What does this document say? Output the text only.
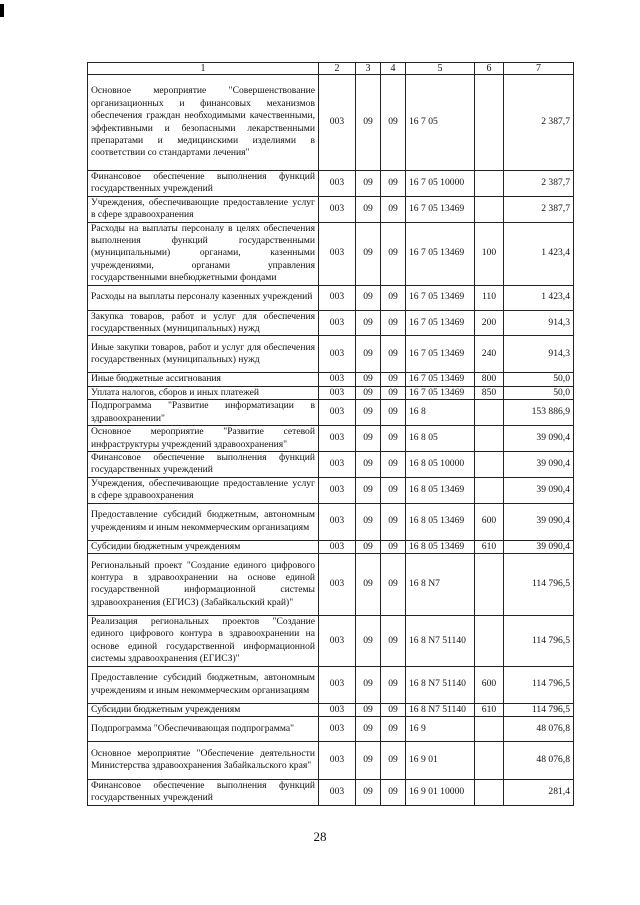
1	2	3	4	5	6	7
Основное мероприятие "Совершенствование организационных и финансовых механизмов обеспечения граждан необходимыми качественными, эффективными и безопасными лекарственными препаратами и медицинскими изделиями в соответствии со стандартами лечения"	003	09	09	16 7 05		2 387,7
Финансовое обеспечение выполнения функций государственных учреждений	003	09	09	16 7 05 10000		2 387,7
Учреждения, обеспечивающие предоставление услуг в сфере здравоохранения	003	09	09	16 7 05 13469		2 387,7
Расходы на выплаты персоналу в целях обеспечения выполнения функций государственными (муниципальными) органами, казенными учреждениями, органами управления государственными внебюджетными фондами	003	09	09	16 7 05 13469	100	1 423,4
Расходы на выплаты персоналу казенных учреждений	003	09	09	16 7 05 13469	110	1 423,4
Закупка товаров, работ и услуг для обеспечения государственных (муниципальных) нужд	003	09	09	16 7 05 13469	200	914,3
Иные закупки товаров, работ и услуг для обеспечения государственных (муниципальных) нужд	003	09	09	16 7 05 13469	240	914,3
Иные бюджетные ассигнования	003	09	09	16 7 05 13469	800	50,0
Уплата налогов, сборов и иных платежей	003	09	09	16 7 05 13469	850	50,0
Подпрограмма "Развитие информатизации в здравоохранении"	003	09	09	16 8		153 886,9
Основное мероприятие "Развитие сетевой инфраструктуры учреждений здравоохранения"	003	09	09	16 8 05		39 090,4
Финансовое обеспечение выполнения функций государственных учреждений	003	09	09	16 8 05 10000		39 090,4
Учреждения, обеспечивающие предоставление услуг в сфере здравоохранения	003	09	09	16 8 05 13469		39 090,4
Предоставление субсидий бюджетным, автономным учреждениям и иным некоммерческим организациям	003	09	09	16 8 05 13469	600	39 090,4
Субсидии бюджетным учреждениям	003	09	09	16 8 05 13469	610	39 090,4
Региональный проект "Создание единого цифрового контура в здравоохранении на основе единой государственной информационной системы здравоохранения (ЕГИСЗ) (Забайкальский край)"	003	09	09	16 8 N7		114 796,5
Реализация региональных проектов "Создание единого цифрового контура в здравоохранении на основе единой государственной информационной системы здравоохранения (ЕГИСЗ)"	003	09	09	16 8 N7 51140		114 796,5
Предоставление субсидий бюджетным, автономным учреждениям и иным некоммерческим организациям	003	09	09	16 8 N7 51140	600	114 796,5
Субсидии бюджетным учреждениям	003	09	09	16 8 N7 51140	610	114 796,5
Подпрограмма "Обеспечивающая подпрограмма"	003	09	09	16 9		48 076,8
Основное мероприятие "Обеспечение деятельности Министерства здравоохранения Забайкальского края"	003	09	09	16 9 01		48 076,8
Финансовое обеспечение выполнения функций государственных учреждений	003	09	09	16 9 01 10000		281,4
28
